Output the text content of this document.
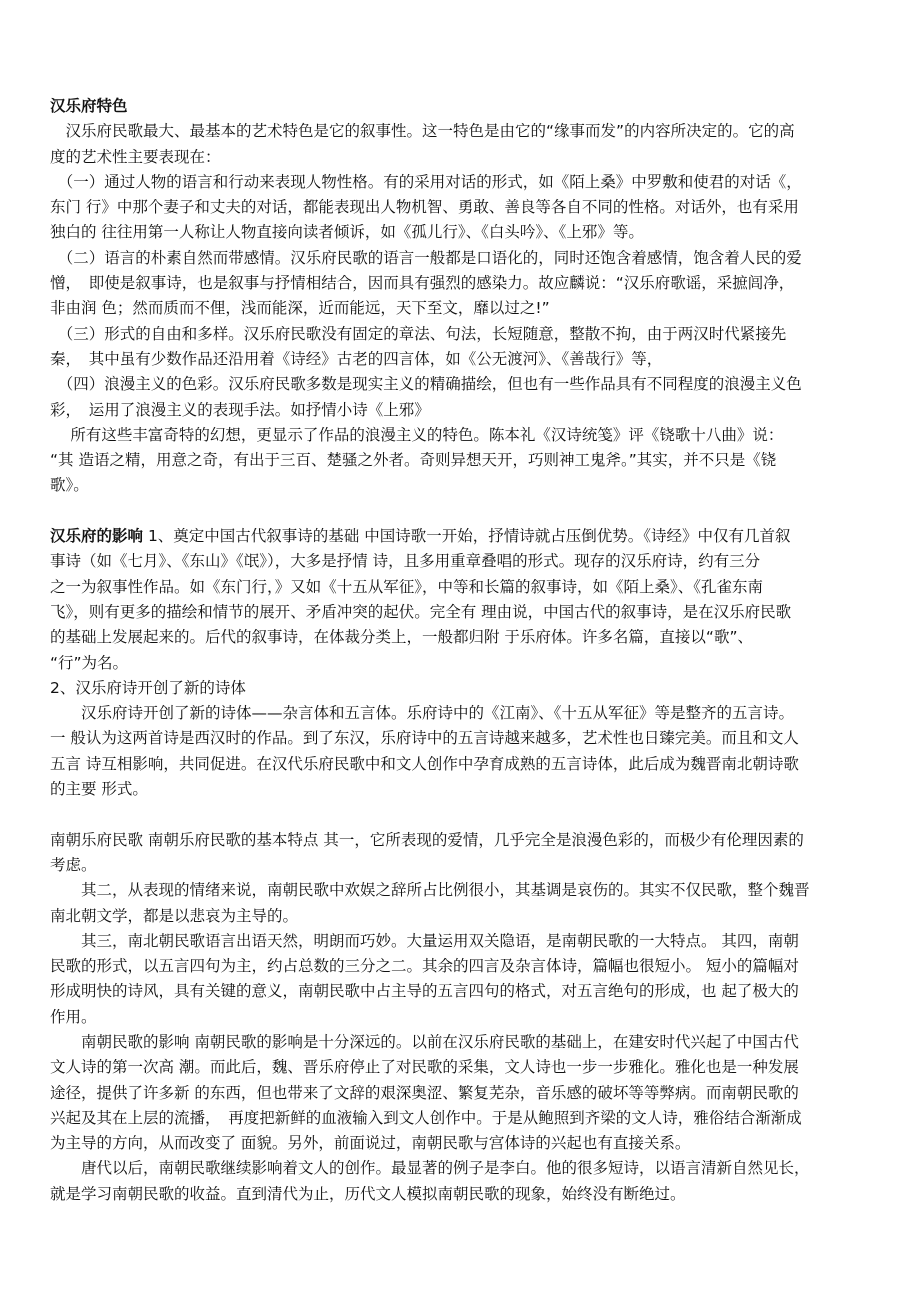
汉乐府特色
　汉乐府民歌最大、最基本的艺术特色是它的叙事性。这一特色是由它的“缘事而发”的内容所决定的。它的高
度的艺术性主要表现在：
　（一）通过人物的语言和行动来表现人物性格。有的采用对话的形式，如《陌上桑》中罗敷和使君的对话《，
东门 行》中那个妻子和丈夫的对话，都能表现出人物机智、勇敢、善良等各自不同的性格。对话外，也有采用
独白的 往往用第一人称让人物直接向读者倾诉，如《孤儿行》、《白头吟》、《上邪》等。
　（二）语言的朴素自然而带感情。汉乐府民歌的语言一般都是口语化的，同时还饱含着感情，饱含着人民的爱
憎，　即使是叙事诗，也是叙事与抒情相结合，因而具有强烈的感染力。故应麟说：“汉乐府歌谣，采摭闾净，
非由润 色；然而质而不俚，浅而能深，近而能远，天下至文，靡以过之!”
　（三）形式的自由和多样。汉乐府民歌没有固定的章法、句法，长短随意，整散不拘，由于两汉时代紧接先
秦，　其中虽有少数作品还沿用着《诗经》古老的四言体，如《公无渡河》、《善哉行》等，
　（四）浪漫主义的色彩。汉乐府民歌多数是现实主义的精确描绘，但也有一些作品具有不同程度的浪漫主义色
彩，　运用了浪漫主义的表现手法。如抒情小诗《上邪》
　 所有这些丰富奇特的幻想，更显示了作品的浪漫主义的特色。陈本礼《汉诗统笺》评《铙歌十八曲》说：
“其 造语之精，用意之奇，有出于三百、楚骚之外者。奇则异想天开，巧则神工鬼斧。”其实，并不只是《铙
歌》。
汉乐府的影响 1、奠定中国古代叙事诗的基础 中国诗歌一开始，抒情诗就占压倒优势。《诗经》中仅有几首叙
事诗（如《七月》、《东山》《氓》），大多是抒情 诗，且多用重章叠唱的形式。现存的汉乐府诗，约有三分
之一为叙事性作品。如《东门行，》又如《十五从军征》，中等和长篇的叙事诗，如《陌上桑》、《孔雀东南
飞》，则有更多的描绘和情节的展开、矛盾冲突的起伏。完全有 理由说，中国古代的叙事诗，是在汉乐府民歌
的基础上发展起来的。后代的叙事诗，在体裁分类上，一般都归附 于乐府体。许多名篇，直接以“歌”、
“行”为名。
2、汉乐府诗开创了新的诗体
　　汉乐府诗开创了新的诗体——杂言体和五言体。乐府诗中的《江南》、《十五从军征》等是整齐的五言诗。
一 般认为这两首诗是西汉时的作品。到了东汉，乐府诗中的五言诗越来越多，艺术性也日臻完美。而且和文人
五言 诗互相影响，共同促进。在汉代乐府民歌中和文人创作中孕育成熟的五言诗体，此后成为魏晋南北朝诗歌
的主要 形式。
南朝乐府民歌 南朝乐府民歌的基本特点 其一，它所表现的爱情，几乎完全是浪漫色彩的，而极少有伦理因素的
考虑。
　　其二，从表现的情绪来说，南朝民歌中欢娱之辞所占比例很小，其基调是哀伤的。其实不仅民歌，整个魏晋
南北朝文学，都是以悲哀为主导的。
　　其三，南北朝民歌语言出语天然，明朗而巧妙。大量运用双关隐语，是南朝民歌的一大特点。 其四，南朝
民歌的形式，以五言四句为主，约占总数的三分之二。其余的四言及杂言体诗，篇幅也很短小。 短小的篇幅对
形成明快的诗风，具有关键的意义，南朝民歌中占主导的五言四句的格式，对五言绝句的形成，也 起了极大的
作用。
　　南朝民歌的影响 南朝民歌的影响是十分深远的。以前在汉乐府民歌的基础上，在建安时代兴起了中国古代
文人诗的第一次高 潮。而此后，魏、晋乐府停止了对民歌的采集，文人诗也一步一步雅化。雅化也是一种发展
途径，提供了许多新 的东西，但也带来了文辞的艰深奥涩、繁复芜杂，音乐感的破坏等等弊病。而南朝民歌的
兴起及其在上层的流播，　再度把新鲜的血液输入到文人创作中。于是从鲍照到齐梁的文人诗，雅俗结合渐渐成
为主导的方向，从而改变了 面貌。另外，前面说过，南朝民歌与宫体诗的兴起也有直接关系。
　　唐代以后，南朝民歌继续影响着文人的创作。最显著的例子是李白。他的很多短诗，以语言清新自然见长，
就是学习南朝民歌的收益。直到清代为止，历代文人模拟南朝民歌的现象，始终没有断绝过。
